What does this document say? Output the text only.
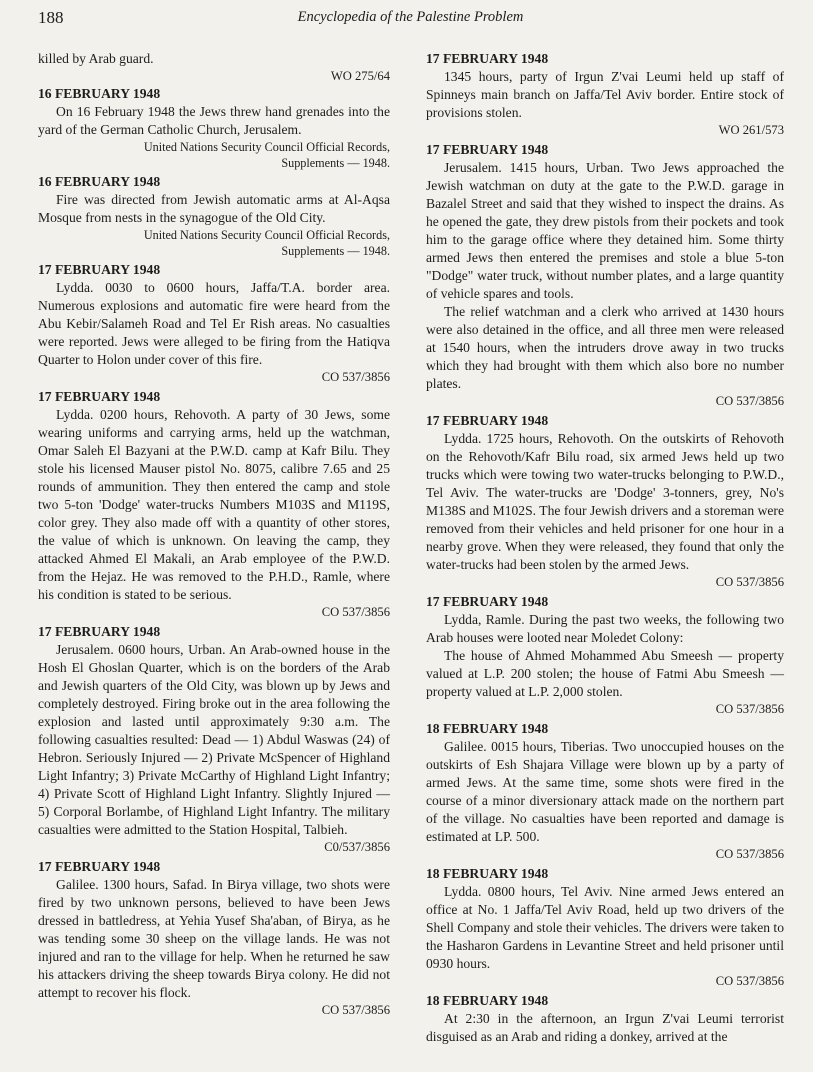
188	Encyclopedia of the Palestine Problem

killed by Arab guard.

WO 275/64

16 FEBRUARY 1948

On 16 February 1948 the Jews threw hand grenades into the yard of the German Catholic Church, Jerusalem.

United Nations Security Council Official Records,

Supplements — 1948.

16 FEBRUARY 1948

Fire was directed from Jewish automatic arms at Al-Aqsa Mosque from nests in the synagogue of the Old City.

United Nations Security Council Official Records,

Supplements — 1948.

17 FEBRUARY 1948

Lydda. 0030 to 0600 hours, Jaffa/T.A. border area. Numerous explosions and automatic fire were heard from the Abu Kebir/Salameh Road and Tel Er Rish areas. No casualties were reported. Jews were alleged to be firing from the Hatiqva Quarter to Holon under cover of this fire.

CO 537/3856

17 FEBRUARY 1948

Lydda. 0200 hours, Rehovoth. A party of 30 Jews, some wearing uniforms and carrying arms, held up the watchman, Omar Saleh El Bazyani at the P.W.D. camp at Kafr Bilu. They stole his licensed Mauser pistol No. 8075, calibre 7.65 and 25 rounds of ammunition. They then entered the camp and stole two 5-ton 'Dodge' water-trucks Numbers M103S and M119S, color grey. They also made off with a quantity of other stores, the value of which is unknown. On leaving the camp, they attacked Ahmed El Makali, an Arab employee of the P.W.D. from the Hejaz. He was removed to the P.H.D., Ramle, where his condition is stated to be serious.

CO 537/3856

17 FEBRUARY 1948

Jerusalem. 0600 hours, Urban. An Arab-owned house in the Hosh El Ghoslan Quarter, which is on the borders of the Arab and Jewish quarters of the Old City, was blown up by Jews and completely destroyed. Firing broke out in the area following the explosion and lasted until approximately 9:30 a.m. The following casualties resulted: Dead — 1) Abdul Waswas (24) of Hebron. Seriously Injured — 2) Private McSpencer of Highland Light Infantry; 3) Private McCarthy of Highland Light Infantry; 4) Private Scott of Highland Light Infantry. Slightly Injured — 5) Corporal Borlambe, of Highland Light Infantry. The military casualties were admitted to the Station Hospital, Talbieh.

C0/537/3856

17 FEBRUARY 1948

Galilee. 1300 hours, Safad. In Birya village, two shots were fired by two unknown persons, believed to have been Jews dressed in battledress, at Yehia Yusef Sha'aban, of Birya, as he was tending some 30 sheep on the village lands. He was not injured and ran to the village for help. When he returned he saw his attackers driving the sheep towards Birya colony. He did not attempt to recover his flock.

CO 537/3856

17 FEBRUARY 1948

1345 hours, party of Irgun Z'vai Leumi held up staff of Spinneys main branch on Jaffa/Tel Aviv border. Entire stock of provisions stolen.

WO 261/573

17 FEBRUARY 1948

Jerusalem. 1415 hours, Urban. Two Jews approached the Jewish watchman on duty at the gate to the P.W.D. garage in Bazalel Street and said that they wished to inspect the drains. As he opened the gate, they drew pistols from their pockets and took him to the garage office where they detained him. Some thirty armed Jews then entered the premises and stole a blue 5-ton "Dodge" water truck, without number plates, and a large quantity of vehicle spares and tools.

The relief watchman and a clerk who arrived at 1430 hours were also detained in the office, and all three men were released at 1540 hours, when the intruders drove away in two trucks which they had brought with them which also bore no number plates.

CO 537/3856

17 FEBRUARY 1948

Lydda. 1725 hours, Rehovoth. On the outskirts of Rehovoth on the Rehovoth/Kafr Bilu road, six armed Jews held up two trucks which were towing two water-trucks belonging to P.W.D., Tel Aviv. The water-trucks are 'Dodge' 3-tonners, grey, No's M138S and M102S. The four Jewish drivers and a storeman were removed from their vehicles and held prisoner for one hour in a nearby grove. When they were released, they found that only the water-trucks had been stolen by the armed Jews.

CO 537/3856

17 FEBRUARY 1948

Lydda, Ramle. During the past two weeks, the following two Arab houses were looted near Moledet Colony:

The house of Ahmed Mohammed Abu Smeesh — property valued at L.P. 200 stolen; the house of Fatmi Abu Smeesh — property valued at L.P. 2,000 stolen.

CO 537/3856

18 FEBRUARY 1948

Galilee. 0015 hours, Tiberias. Two unoccupied houses on the outskirts of Esh Shajara Village were blown up by a party of armed Jews. At the same time, some shots were fired in the course of a minor diversionary attack made on the northern part of the village. No casualties have been reported and damage is estimated at LP. 500.

CO 537/3856

18 FEBRUARY 1948

Lydda. 0800 hours, Tel Aviv. Nine armed Jews entered an office at No. 1 Jaffa/Tel Aviv Road, held up two drivers of the Shell Company and stole their vehicles. The drivers were taken to the Hasharon Gardens in Levantine Street and held prisoner until 0930 hours.

CO 537/3856

18 FEBRUARY 1948

At 2:30 in the afternoon, an Irgun Z'vai Leumi terrorist disguised as an Arab and riding a donkey, arrived at the
